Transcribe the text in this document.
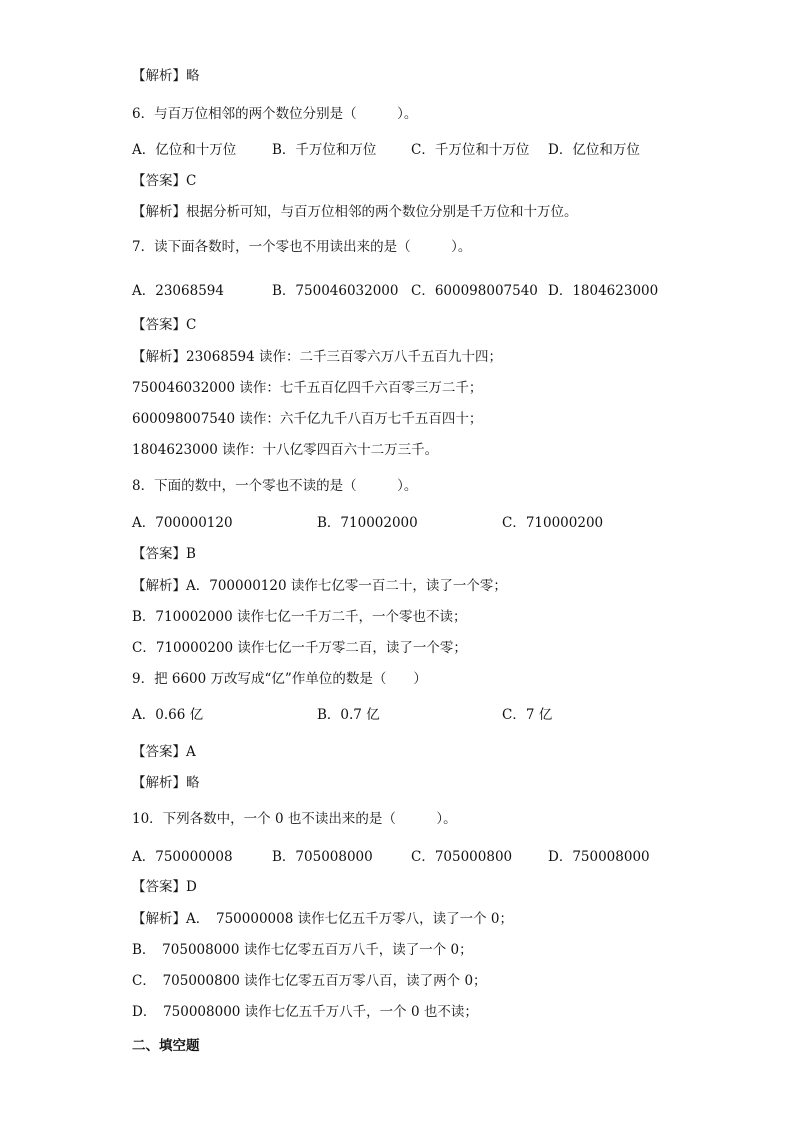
【解析】略
6．与百万位相邻的两个数位分别是（　　　）。
A．亿位和十万位	B．千万位和万位	C．千万位和十万位 D．亿位和万位
【答案】C
【解析】根据分析可知，与百万位相邻的两个数位分别是千万位和十万位。
7．读下面各数时，一个零也不用读出来的是（　　　）。
A．23068594	B．750046032000 C．600098007540 D．1804623000
【答案】C
【解析】23068594 读作：二千三百零六万八千五百九十四；
750046032000 读作：七千五百亿四千六百零三万二千；
600098007540 读作：六千亿九千八百万七千五百四十；
1804623000 读作：十八亿零四百六十二万三千。
8．下面的数中，一个零也不读的是（　　　）。
A．700000120	B．710002000	C．710000200
【答案】B
【解析】A．700000120 读作七亿零一百二十，读了一个零；
B．710002000 读作七亿一千万二千，一个零也不读；
C．710000200 读作七亿一千万零二百，读了一个零；
9．把 6600 万改写成“亿”作单位的数是（　　）
A．0.66 亿	B．0.7 亿	C．7 亿
【答案】A
【解析】略
10．下列各数中，一个 0 也不读出来的是（　　　）。
A．750000008	B．705008000	C．705000800	D．750008000
【答案】D
【解析】A．　750000008 读作七亿五千万零八，读了一个 0；
B．　705008000 读作七亿零五百万八千，读了一个 0；
C．　705000800 读作七亿零五百万零八百，读了两个 0；
D．　750008000 读作七亿五千万八千，一个 0 也不读；
二、填空题
